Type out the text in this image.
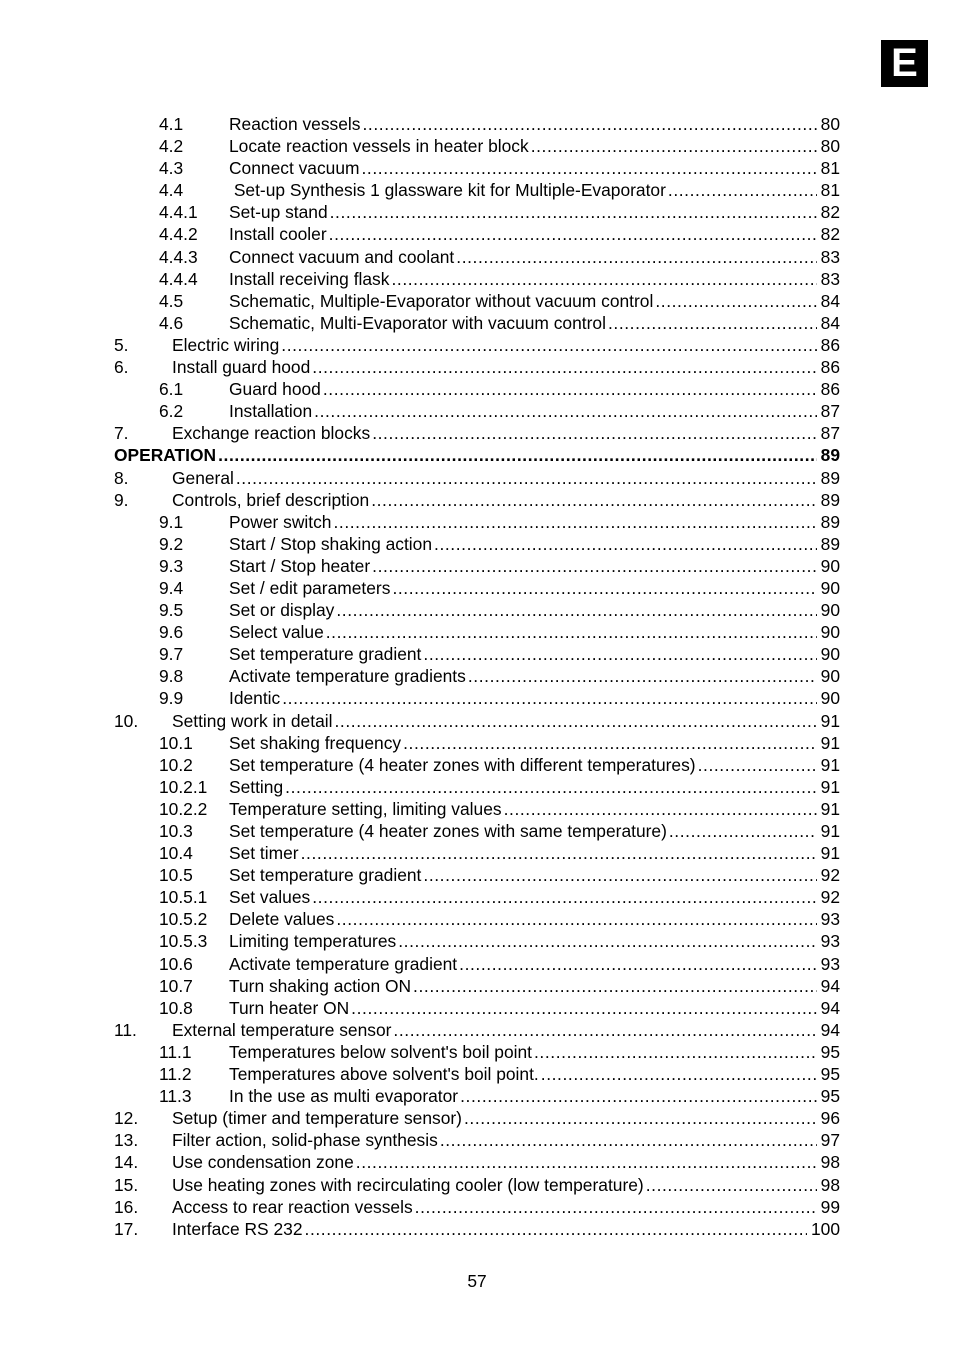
E
4.1	Reaction vessels .....	80
4.2	Locate reaction vessels in heater block .....	80
4.3	Connect vacuum .....	81
4.4	Set-up Synthesis 1 glassware kit for Multiple-Evaporator .....	81
4.4.1 Set-up stand .....	82
4.4.2 Install cooler .....	82
4.4.3 Connect vacuum and coolant .....	83
4.4.4 Install receiving flask .....	83
4.5	Schematic, Multiple-Evaporator without vacuum control .....	84
4.6	Schematic, Multi-Evaporator with vacuum control .....	84
5. Electric wiring .....	86
6. Install guard hood .....	86
6.1	Guard hood .....	86
6.2	Installation .....	87
7. Exchange reaction blocks .....	87
OPERATION .....	89
8. General .....	89
9. Controls, brief description .....	89
9.1	Power switch .....	89
9.2	Start / Stop shaking action .....	89
9.3	Start / Stop heater .....	90
9.4	Set / edit parameters .....	90
9.5	Set or display .....	90
9.6	Select value .....	90
9.7	Set temperature gradient .....	90
9.8	Activate temperature gradients .....	90
9.9	Identic .....	90
10. Setting work in detail .....	91
10.1 Set shaking frequency .....	91
10.2 Set temperature (4 heater zones with different temperatures) .....	91
10.2.1 Setting .....	91
10.2.2 Temperature setting, limiting values .....	91
10.3 Set temperature (4 heater zones with same temperature) .....	91
10.4 Set timer .....	91
10.5 Set temperature gradient .....	92
10.5.1 Set values .....	92
10.5.2 Delete values .....	93
10.5.3 Limiting temperatures .....	93
10.6 Activate temperature gradient .....	93
10.7 Turn shaking action ON .....	94
10.8 Turn heater ON .....	94
11. External temperature sensor .....	94
11.1 Temperatures below solvent's boil point .....	95
11.2 Temperatures above solvent's boil point. .....	95
11.3 In the use as multi evaporator .....	95
12. Setup (timer and temperature sensor) .....	96
13. Filter action, solid-phase synthesis .....	97
14. Use condensation zone .....	98
15. Use heating zones with recirculating cooler (low temperature) .....	98
16. Access to rear reaction vessels .....	99
17. Interface RS 232 .....	100
57
